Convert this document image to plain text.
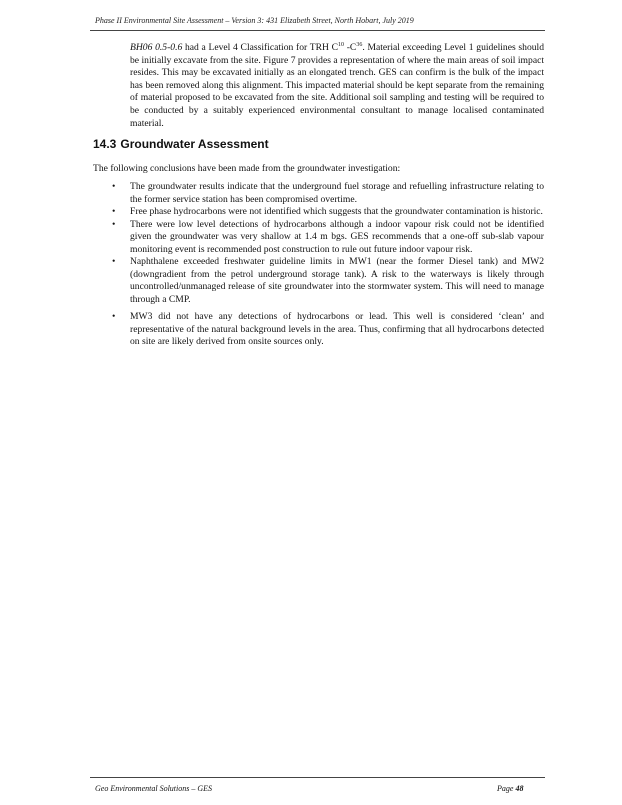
Phase II Environmental Site Assessment – Version 3: 431 Elizabeth Street, North Hobart, July 2019

BH06 0.5-0.6 had a Level 4 Classification for TRH $C^{10}$ $-C^{36}$. Material exceeding Level 1 guidelines should be initially excavate from the site. Figure 7 provides a representation of where the main areas of soil impact resides. This may be excavated initially as an elongated trench. GES can confirm is the bulk of the impact has been removed along this alignment. This impacted material should be kept separate from the remaining of material proposed to be excavated from the site. Additional soil sampling and testing will be required to be conducted by a suitably experienced environmental consultant to manage localised contaminated material.

14.3 Groundwater Assessment

The following conclusions have been made from the groundwater investigation:

• The groundwater results indicate that the underground fuel storage and refuelling infrastructure relating to the former service station has been compromised overtime.
• Free phase hydrocarbons were not identified which suggests that the groundwater contamination is historic.
• There were low level detections of hydrocarbons although a indoor vapour risk could not be identified given the groundwater was very shallow at 1.4 m bgs. GES recommends that a one-off sub-slab vapour monitoring event is recommended post construction to rule out future indoor vapour risk.
• Naphthalene exceeded freshwater guideline limits in MW1 (near the former Diesel tank) and MW2 (downgradient from the petrol underground storage tank). A risk to the waterways is likely through uncontrolled/unmanaged release of site groundwater into the stormwater system. This will need to manage through a CMP.
• MW3 did not have any detections of hydrocarbons or lead. This well is considered ‘clean’ and representative of the natural background levels in the area. Thus, confirming that all hydrocarbons detected on site are likely derived from onsite sources only.
Geo Environmental Solutions – GES	Page 48
